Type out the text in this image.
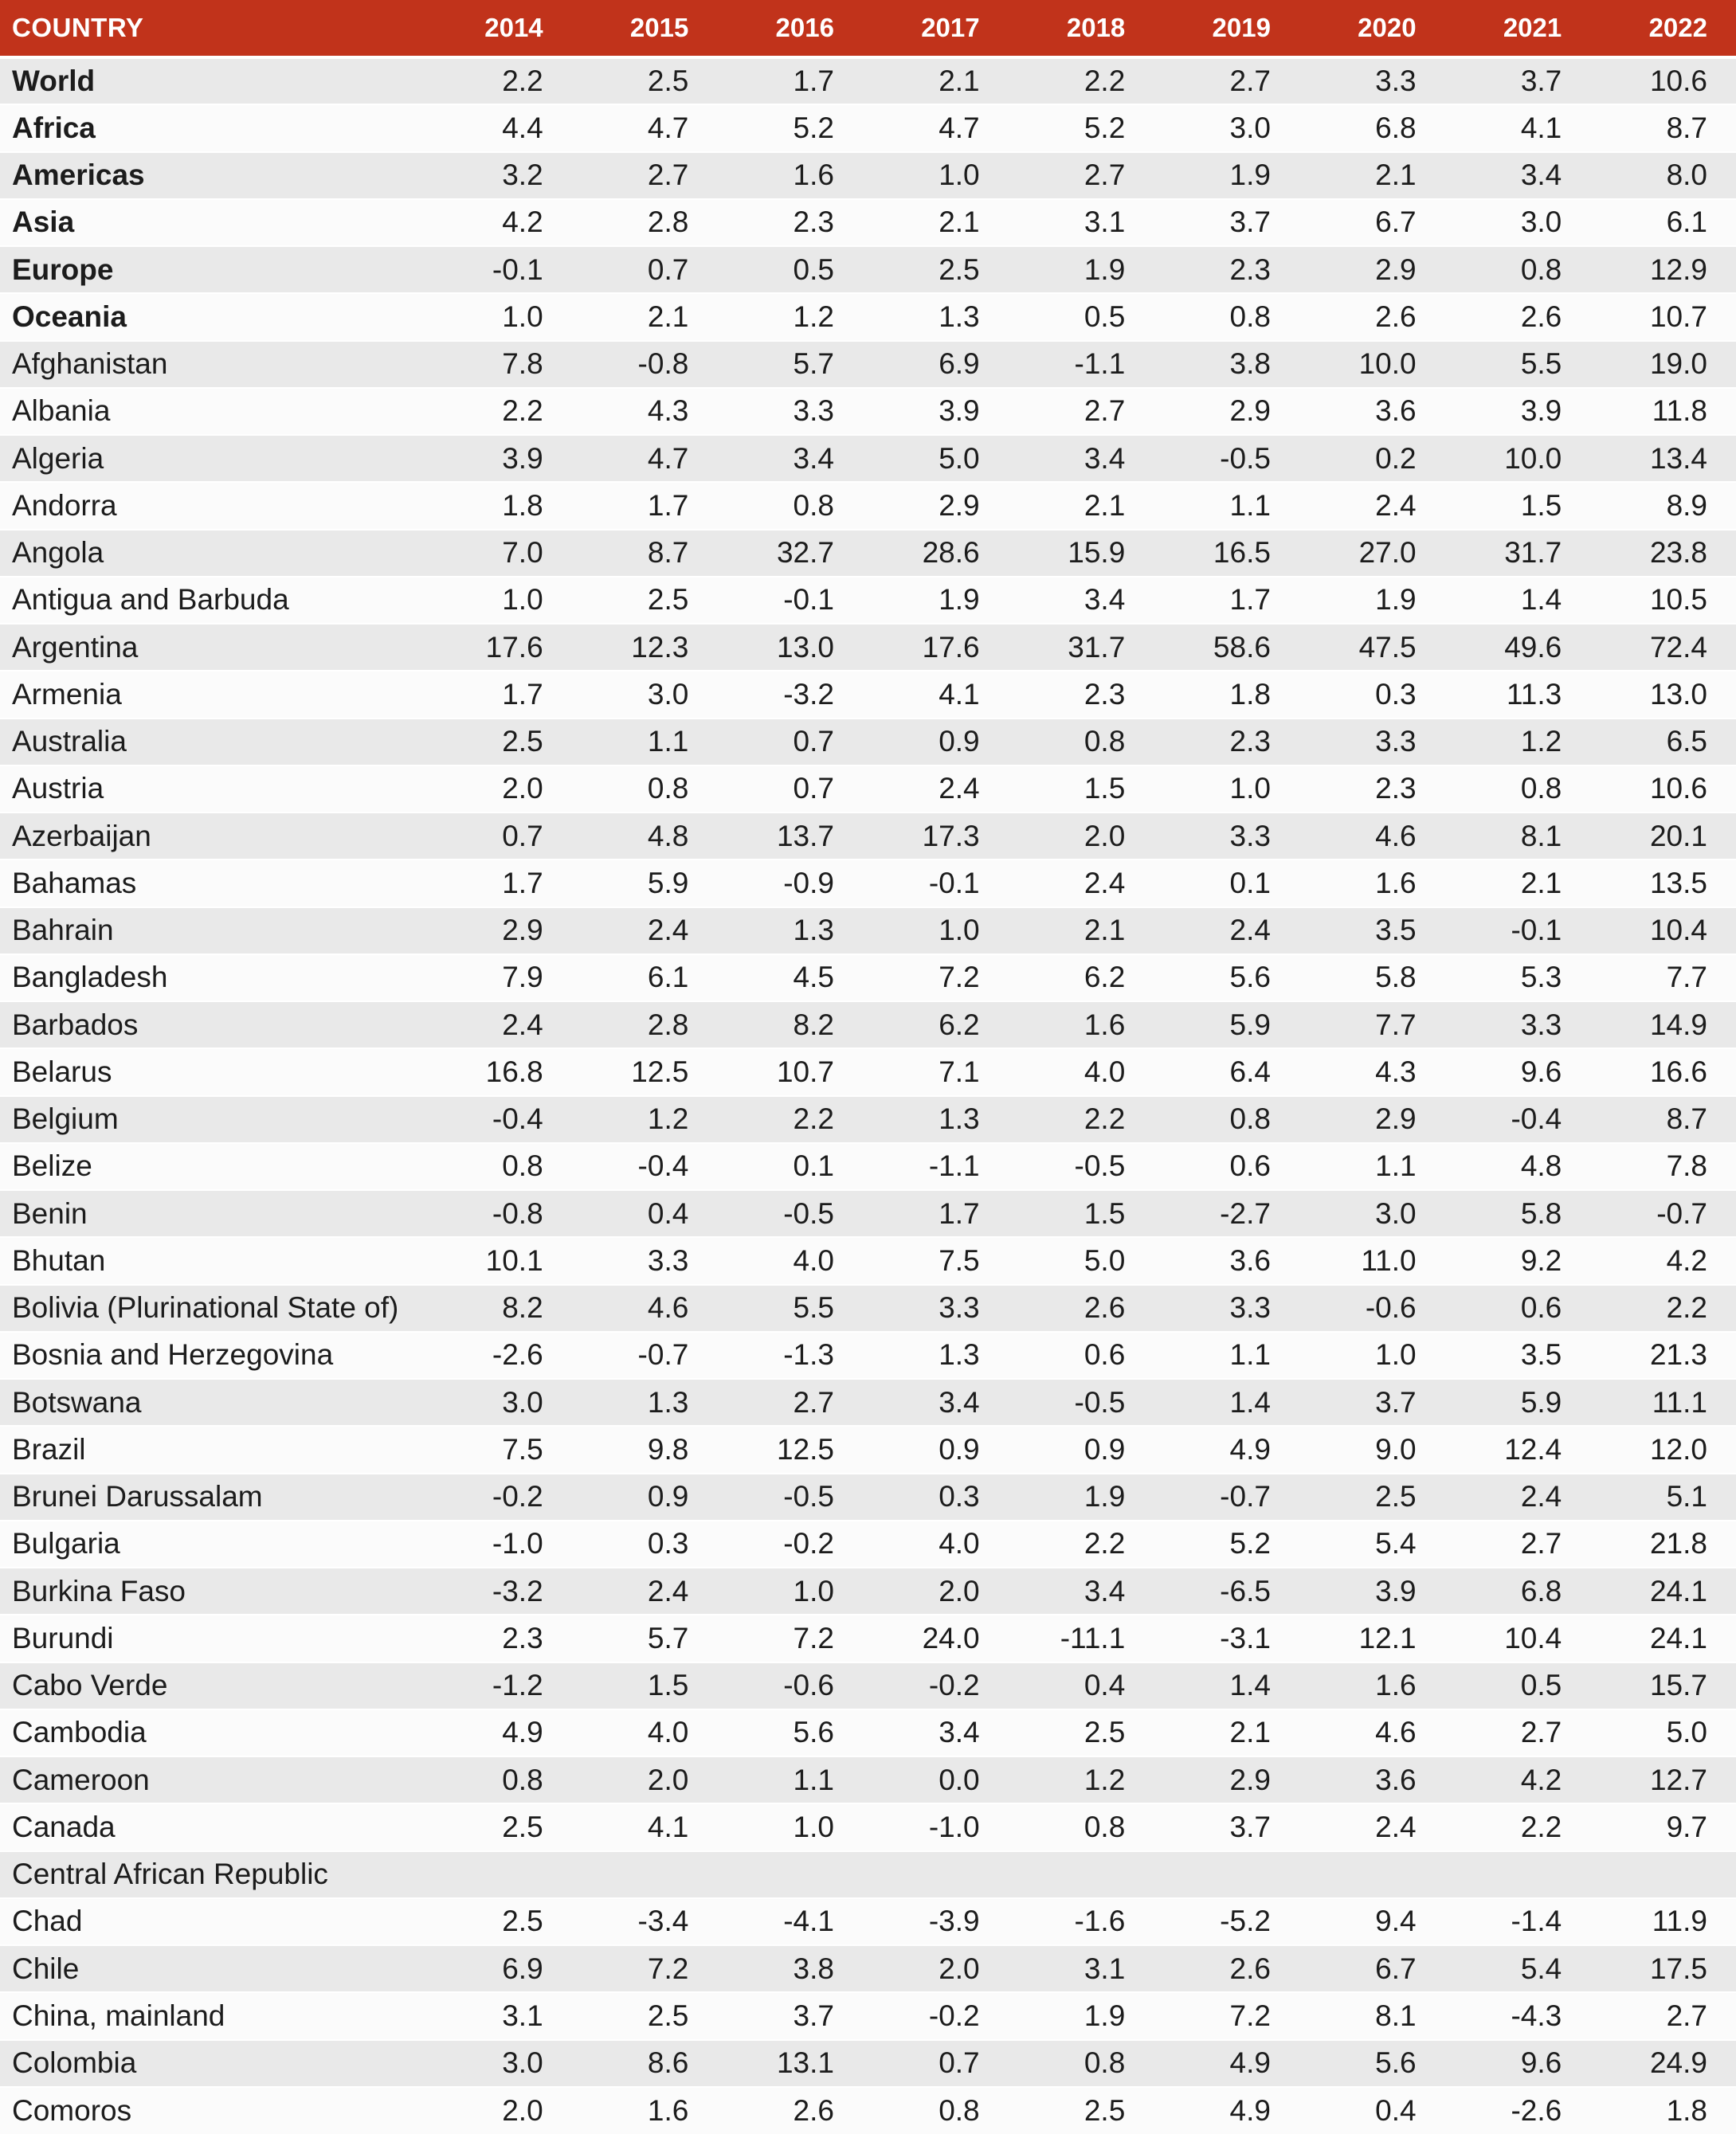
COUNTRY	2014	2015	2016	2017	2018	2019	2020	2021	2022
World	2.2	2.5	1.7	2.1	2.2	2.7	3.3	3.7	10.6
Africa	4.4	4.7	5.2	4.7	5.2	3.0	6.8	4.1	8.7
Americas	3.2	2.7	1.6	1.0	2.7	1.9	2.1	3.4	8.0
Asia	4.2	2.8	2.3	2.1	3.1	3.7	6.7	3.0	6.1
Europe	-0.1	0.7	0.5	2.5	1.9	2.3	2.9	0.8	12.9
Oceania	1.0	2.1	1.2	1.3	0.5	0.8	2.6	2.6	10.7
Afghanistan	7.8	-0.8	5.7	6.9	-1.1	3.8	10.0	5.5	19.0
Albania	2.2	4.3	3.3	3.9	2.7	2.9	3.6	3.9	11.8
Algeria	3.9	4.7	3.4	5.0	3.4	-0.5	0.2	10.0	13.4
Andorra	1.8	1.7	0.8	2.9	2.1	1.1	2.4	1.5	8.9
Angola	7.0	8.7	32.7	28.6	15.9	16.5	27.0	31.7	23.8
Antigua and Barbuda	1.0	2.5	-0.1	1.9	3.4	1.7	1.9	1.4	10.5
Argentina	17.6	12.3	13.0	17.6	31.7	58.6	47.5	49.6	72.4
Armenia	1.7	3.0	-3.2	4.1	2.3	1.8	0.3	11.3	13.0
Australia	2.5	1.1	0.7	0.9	0.8	2.3	3.3	1.2	6.5
Austria	2.0	0.8	0.7	2.4	1.5	1.0	2.3	0.8	10.6
Azerbaijan	0.7	4.8	13.7	17.3	2.0	3.3	4.6	8.1	20.1
Bahamas	1.7	5.9	-0.9	-0.1	2.4	0.1	1.6	2.1	13.5
Bahrain	2.9	2.4	1.3	1.0	2.1	2.4	3.5	-0.1	10.4
Bangladesh	7.9	6.1	4.5	7.2	6.2	5.6	5.8	5.3	7.7
Barbados	2.4	2.8	8.2	6.2	1.6	5.9	7.7	3.3	14.9
Belarus	16.8	12.5	10.7	7.1	4.0	6.4	4.3	9.6	16.6
Belgium	-0.4	1.2	2.2	1.3	2.2	0.8	2.9	-0.4	8.7
Belize	0.8	-0.4	0.1	-1.1	-0.5	0.6	1.1	4.8	7.8
Benin	-0.8	0.4	-0.5	1.7	1.5	-2.7	3.0	5.8	-0.7
Bhutan	10.1	3.3	4.0	7.5	5.0	3.6	11.0	9.2	4.2
Bolivia (Plurinational State of)	8.2	4.6	5.5	3.3	2.6	3.3	-0.6	0.6	2.2
Bosnia and Herzegovina	-2.6	-0.7	-1.3	1.3	0.6	1.1	1.0	3.5	21.3
Botswana	3.0	1.3	2.7	3.4	-0.5	1.4	3.7	5.9	11.1
Brazil	7.5	9.8	12.5	0.9	0.9	4.9	9.0	12.4	12.0
Brunei Darussalam	-0.2	0.9	-0.5	0.3	1.9	-0.7	2.5	2.4	5.1
Bulgaria	-1.0	0.3	-0.2	4.0	2.2	5.2	5.4	2.7	21.8
Burkina Faso	-3.2	2.4	1.0	2.0	3.4	-6.5	3.9	6.8	24.1
Burundi	2.3	5.7	7.2	24.0	-11.1	-3.1	12.1	10.4	24.1
Cabo Verde	-1.2	1.5	-0.6	-0.2	0.4	1.4	1.6	0.5	15.7
Cambodia	4.9	4.0	5.6	3.4	2.5	2.1	4.6	2.7	5.0
Cameroon	0.8	2.0	1.1	0.0	1.2	2.9	3.6	4.2	12.7
Canada	2.5	4.1	1.0	-1.0	0.8	3.7	2.4	2.2	9.7
Central African Republic									
Chad	2.5	-3.4	-4.1	-3.9	-1.6	-5.2	9.4	-1.4	11.9
Chile	6.9	7.2	3.8	2.0	3.1	2.6	6.7	5.4	17.5
China, mainland	3.1	2.5	3.7	-0.2	1.9	7.2	8.1	-4.3	2.7
Colombia	3.0	8.6	13.1	0.7	0.8	4.9	5.6	9.6	24.9
Comoros	2.0	1.6	2.6	0.8	2.5	4.9	0.4	-2.6	1.8
